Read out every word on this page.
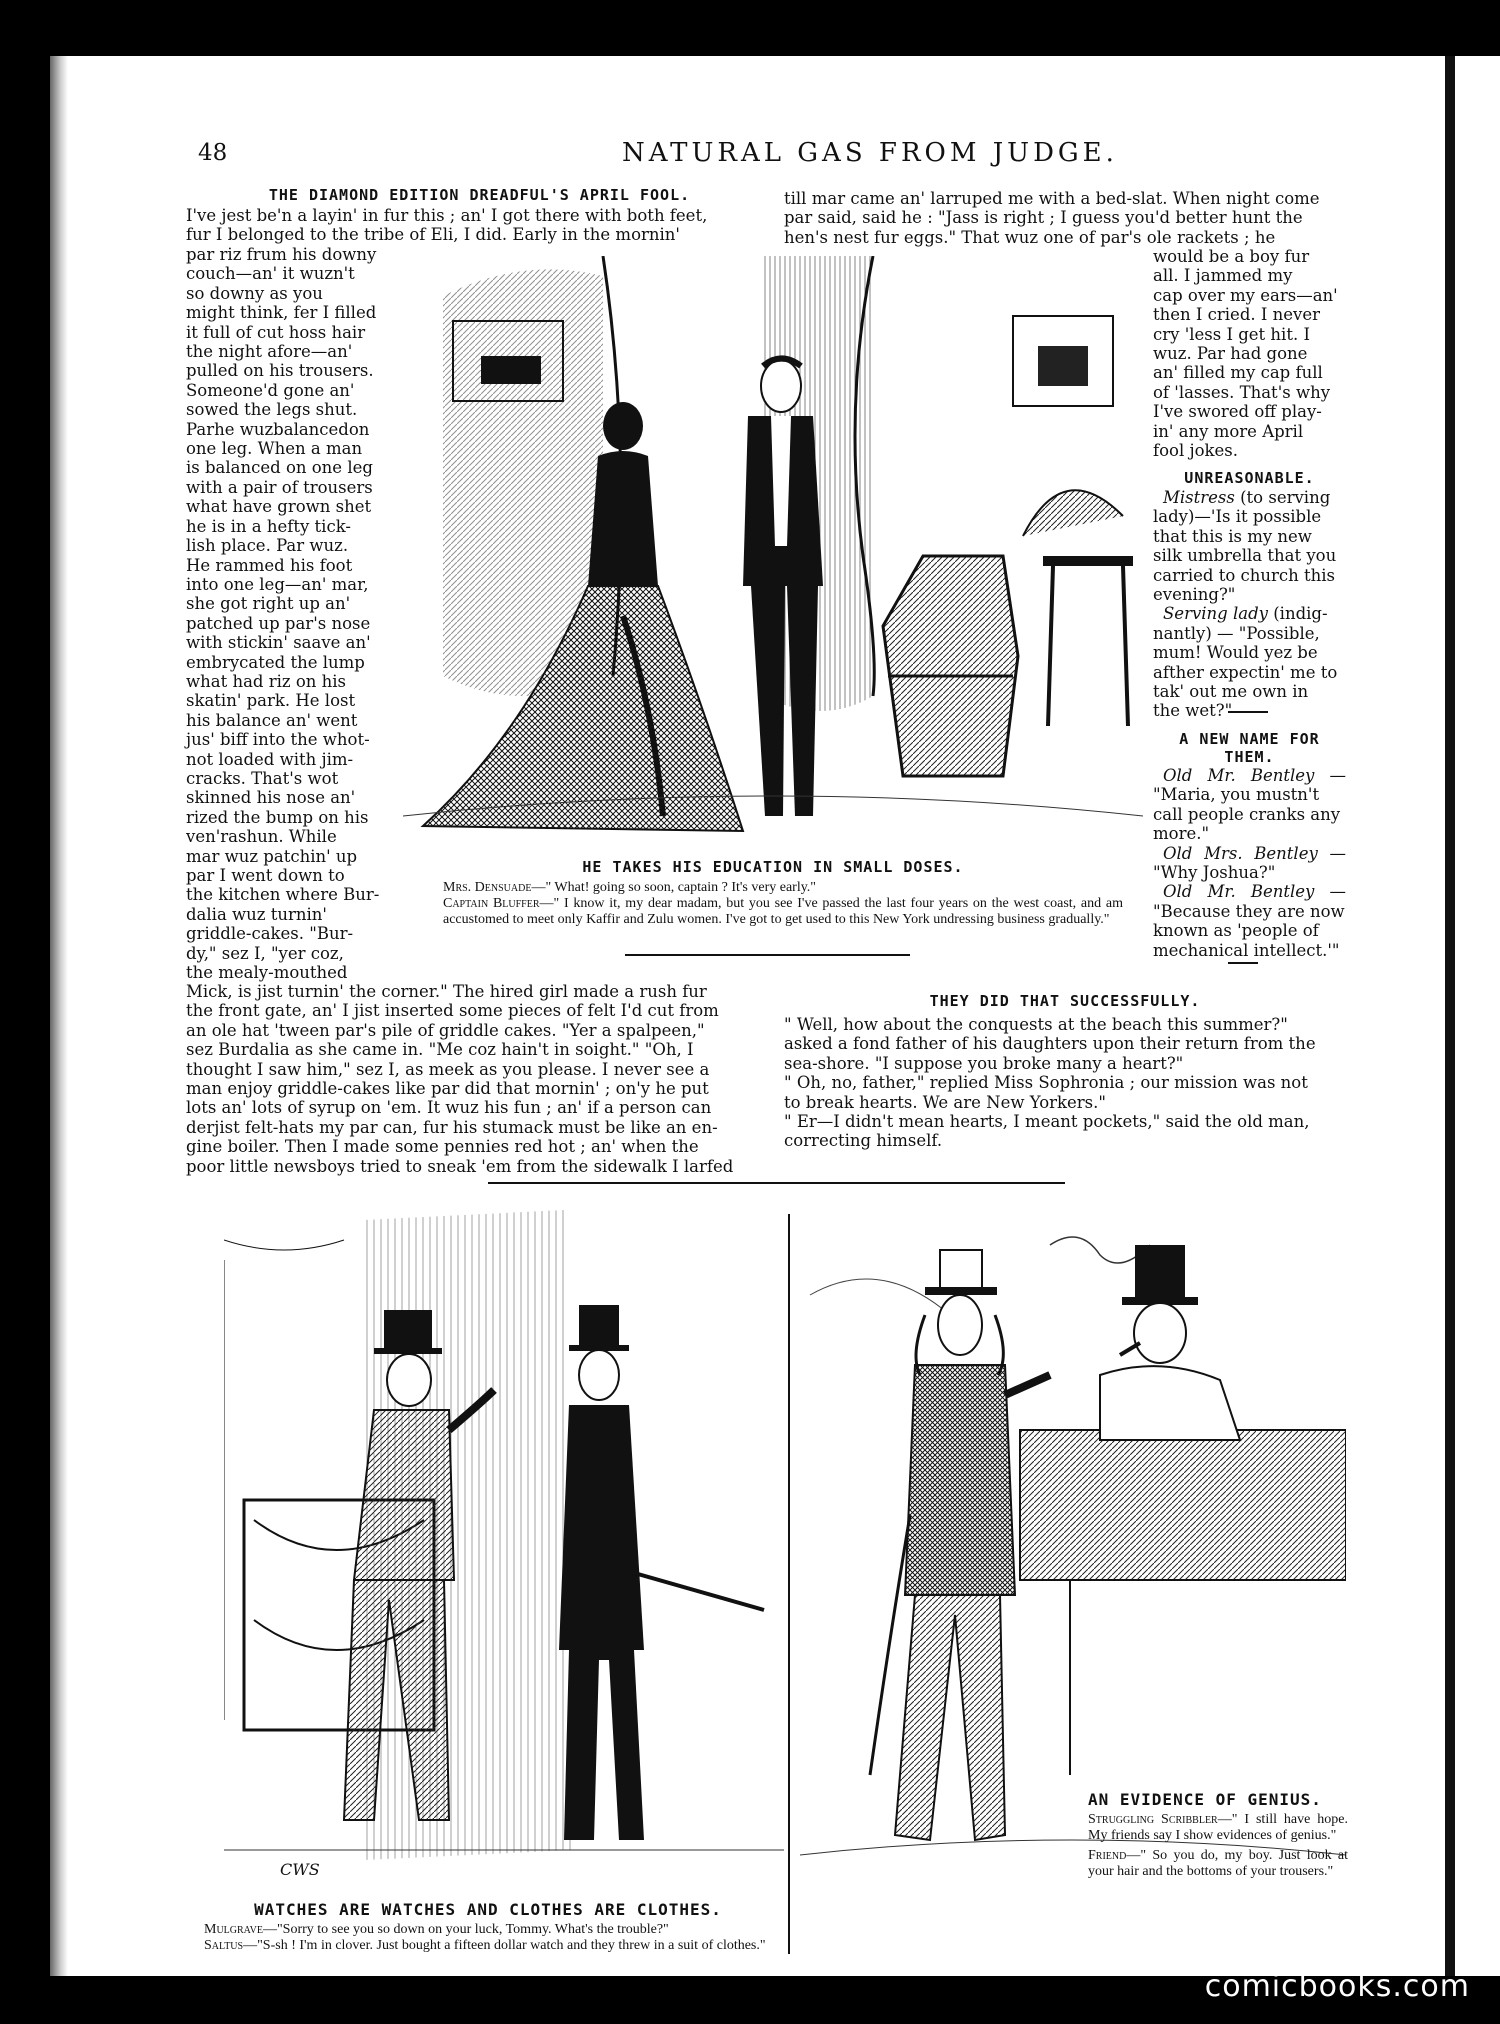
48	NATURAL GAS FROM JUDGE.
THE DIAMOND EDITION DREADFUL'S APRIL FOOL.
I've jest be'n a layin' in fur this ; an' I got there with both feet,
fur I belonged to the tribe of Eli, I did. Early in the mornin'
par riz frum his downy
couch—an' it wuzn't
so downy as you
might think, fer I filled
it full of cut hoss hair
the night afore—an'
pulled on his trousers.
Someone'd gone an'
sowed the legs shut.
Parhe wuzbalancedon
one leg. When a man
is balanced on one leg
with a pair of trousers
what have grown shet
he is in a hefty tick-
lish place. Par wuz.
He rammed his foot
into one leg—an' mar,
she got right up an'
patched up par's nose
with stickin' saave an'
embrycated the lump
what had riz on his
skatin' park. He lost
his balance an' went
jus' biff into the whot-
not loaded with jim-
cracks. That's wot
skinned his nose an'
rized the bump on his
ven'rashun. While
mar wuz patchin' up
par I went down to
the kitchen where Bur-
dalia wuz turnin'
griddle-cakes. "Bur-
dy," sez I, "yer coz,
the mealy-mouthed
Mick, is jist turnin' the corner." The hired girl made a rush fur
the front gate, an' I jist inserted some pieces of felt I'd cut from
an ole hat 'tween par's pile of griddle cakes. "Yer a spalpeen,"
sez Burdalia as she came in. "Me coz hain't in soight." "Oh, I
thought I saw him," sez I, as meek as you please. I never see a
man enjoy griddle-cakes like par did that mornin' ; on'y he put
lots an' lots of syrup on 'em. It wuz his fun ; an' if a person can
derjist felt-hats my par can, fur his stumack must be like an en-
gine boiler. Then I made some pennies red hot ; an' when the
poor little newsboys tried to sneak 'em from the sidewalk I larfed
till mar came an' larruped me with a bed-slat. When night come
par said, said he : "Jass is right ; I guess you'd better hunt the
hen's nest fur eggs." That wuz one of par's ole rackets ; he
would be a boy fur
all. I jammed my
cap over my ears—an'
then I cried. I never
cry 'less I get hit. I
wuz. Par had gone
an' filled my cap full
of 'lasses. That's why
I've swored off play-
in' any more April
fool jokes.
HE TAKES HIS EDUCATION IN SMALL DOSES.

Mrs. Densuade—" What! going so soon, captain ? It's very early."

Captain Bluffer—" I know it, my dear madam, but you see I've passed the last four years on the west coast, and am accustomed to meet only Kaffir and Zulu women. I've got to get used to this New York undressing business gradually."

UNREASONABLE.
Mistress (to serving
lady)—'Is it possible
that this is my new
silk umbrella that you
carried to church this
evening?"
Serving lady (indig-
nantly) — "Possible,
mum! Would yez be
afther expectin' me to
tak' out me own in
the wet?"
A NEW NAME FOR
THEM.
Old Mr. Bentley — "Maria, you mustn't
call people cranks any
more."
Old Mrs. Bentley — "Why Joshua?"
Old Mr. Bentley — "Because they are now
known as 'people of
mechanical intellect.'"
THEY DID THAT SUCCESSFULLY.
" Well, how about the conquests at the beach this summer?"
asked a fond father of his daughters upon their return from the
sea-shore. "I suppose you broke many a heart?"
" Oh, no, father," replied Miss Sophronia ; our mission was not
to break hearts. We are New Yorkers."
" Er—I didn't mean hearts, I meant pockets," said the old man,
correcting himself.
CWS
WATCHES ARE WATCHES AND CLOTHES ARE CLOTHES.

Mulgrave—"Sorry to see you so down on your luck, Tommy. What's the trouble?"

Saltus—"S-sh ! I'm in clover. Just bought a fifteen dollar watch and they threw in a suit of clothes."

AN EVIDENCE OF GENIUS.

Struggling Scribbler—" I still have hope. My friends say I show evidences of genius."

Friend—" So you do, my boy. Just look at your hair and the bottoms of your trousers."

comicbooks.com
